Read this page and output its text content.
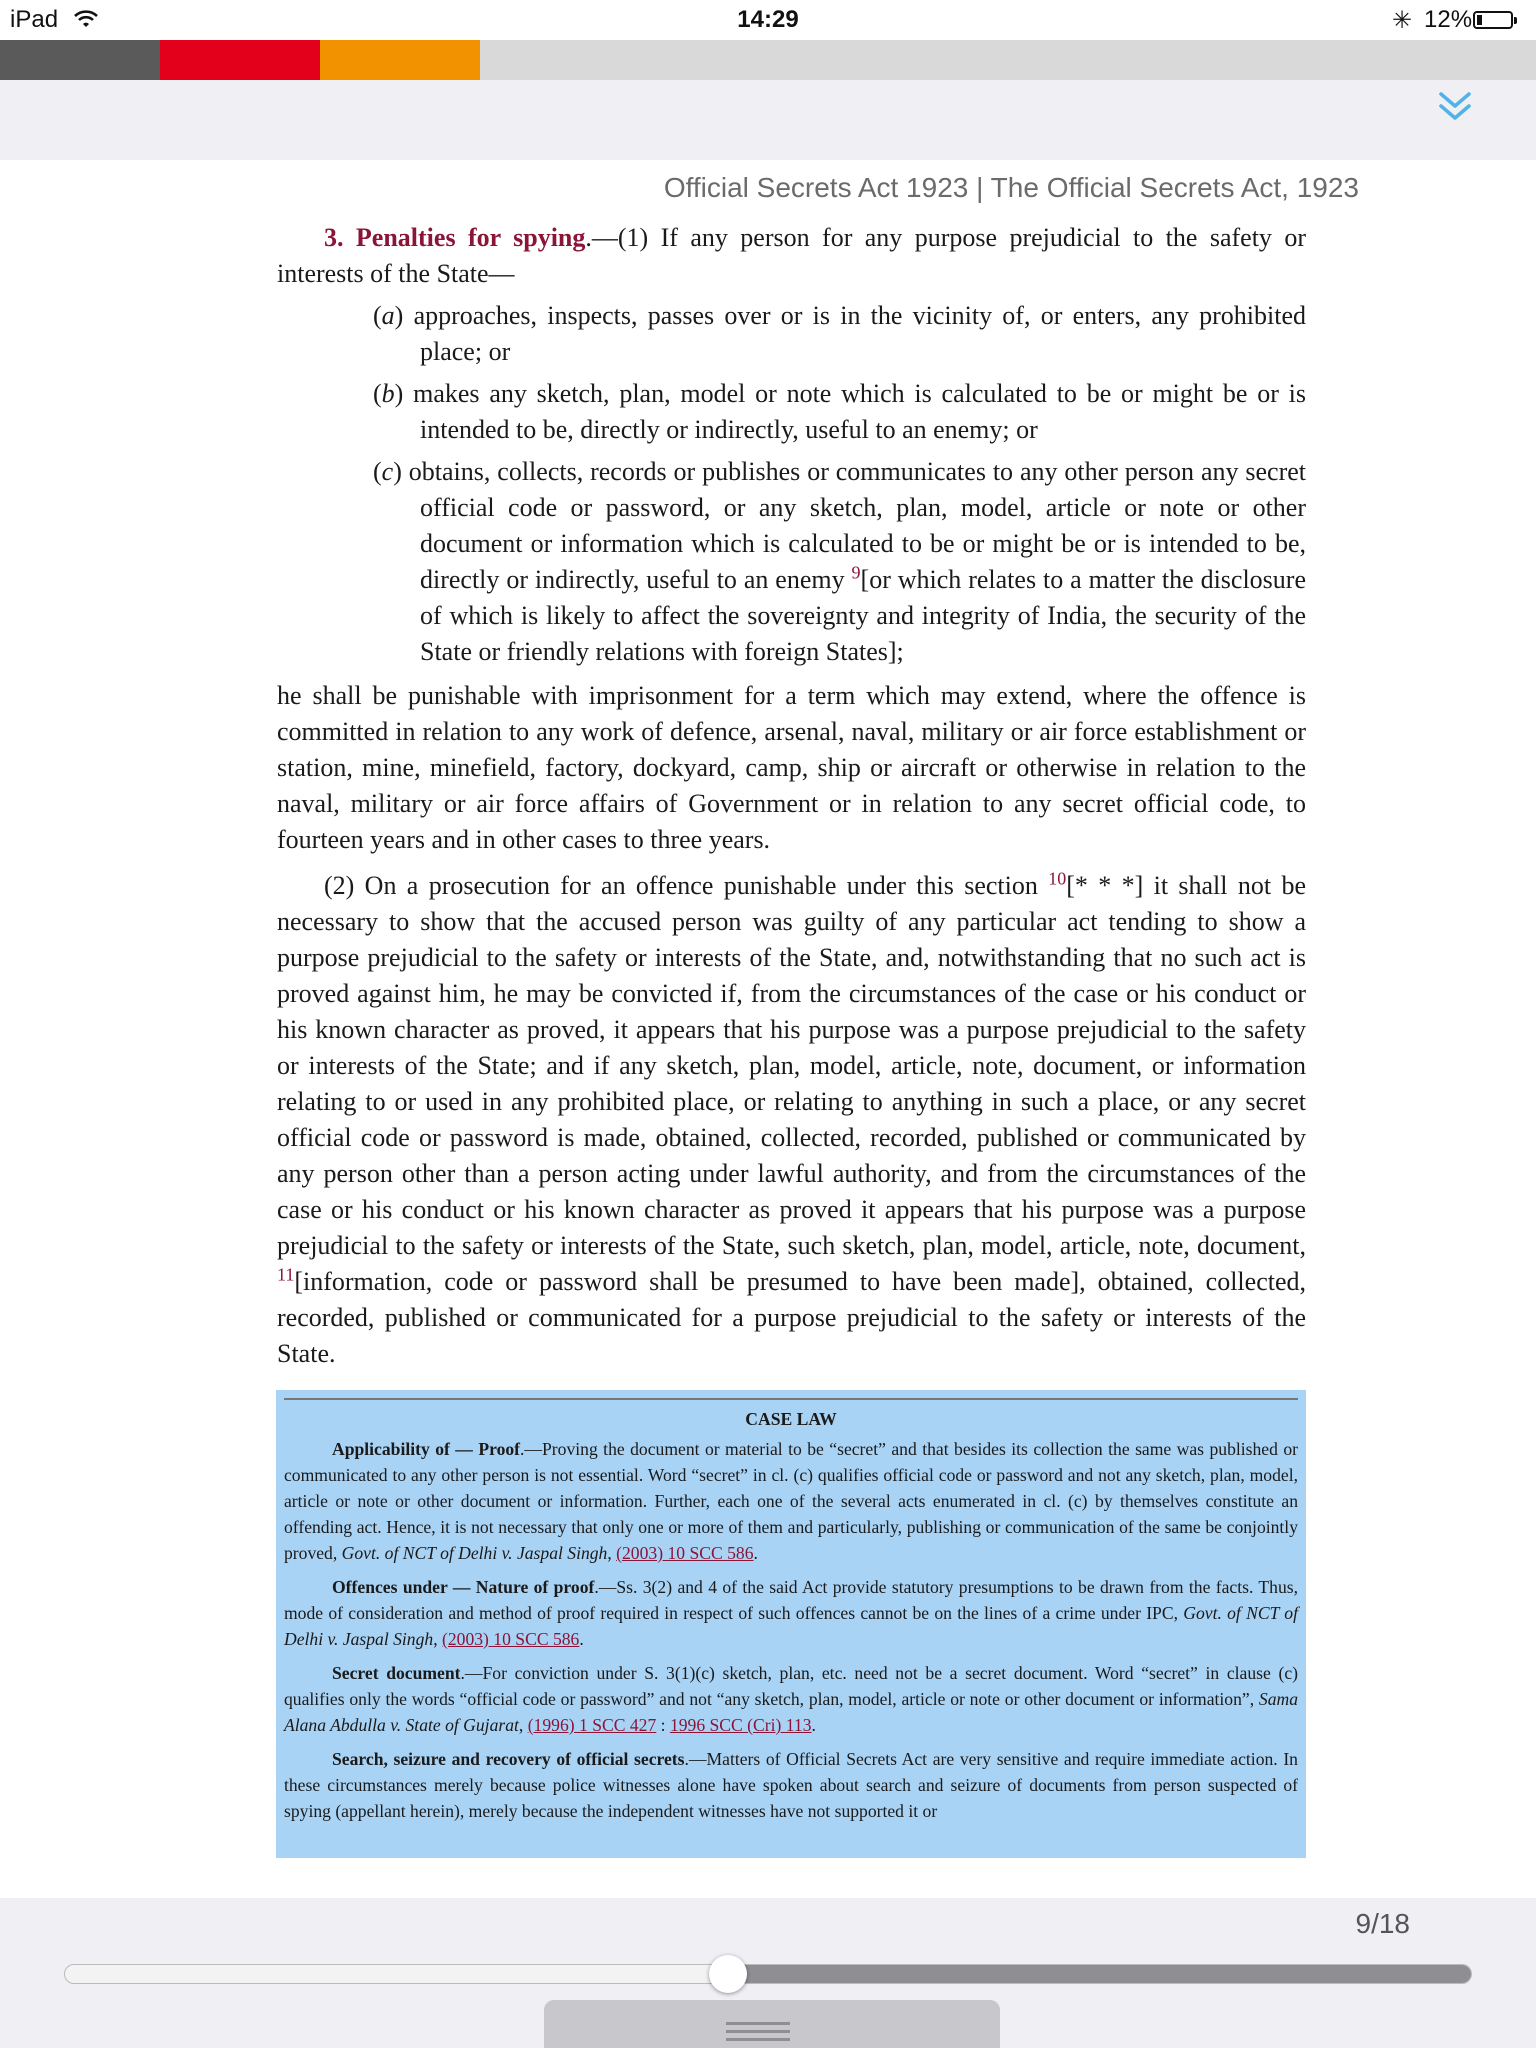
iPad	14:29	✳ 12%
Official Secrets Act 1923 | The Official Secrets Act, 1923

3. Penalties for spying.—(1) If any person for any purpose prejudicial to the safety or interests of the State—

(a) approaches, inspects, passes over or is in the vicinity of, or enters, any prohibited place; or

(b) makes any sketch, plan, model or note which is calculated to be or might be or is intended to be, directly or indirectly, useful to an enemy; or

(c) obtains, collects, records or publishes or communicates to any other person any secret official code or password, or any sketch, plan, model, article or note or other document or information which is calculated to be or might be or is intended to be, directly or indirectly, useful to an enemy $^9$[or which relates to a matter the disclosure of which is likely to affect the sovereignty and integrity of India, the security of the State or friendly relations with foreign States];

he shall be punishable with imprisonment for a term which may extend, where the offence is committed in relation to any work of defence, arsenal, naval, military or air force establishment or station, mine, minefield, factory, dockyard, camp, ship or aircraft or otherwise in relation to the naval, military or air force affairs of Government or in relation to any secret official code, to fourteen years and in other cases to three years.

(2) On a prosecution for an offence punishable under this section $^{10}$[* * *] it shall not be necessary to show that the accused person was guilty of any particular act tending to show a purpose prejudicial to the safety or interests of the State, and, notwithstanding that no such act is proved against him, he may be convicted if, from the circumstances of the case or his conduct or his known character as proved, it appears that his purpose was a purpose prejudicial to the safety or interests of the State; and if any sketch, plan, model, article, note, document, or information relating to or used in any prohibited place, or relating to anything in such a place, or any secret official code or password is made, obtained, collected, recorded, published or communicated by any person other than a person acting under lawful authority, and from the circumstances of the case or his conduct or his known character as proved it appears that his purpose was a purpose prejudicial to the safety or interests of the State, such sketch, plan, model, article, note, document, $^{11}$[information, code or password shall be presumed to have been made], obtained, collected, recorded, published or communicated for a purpose prejudicial to the safety or interests of the State.

CASE LAW

Applicability of — Proof.—Proving the document or material to be “secret” and that besides its collection the same was published or communicated to any other person is not essential. Word “secret” in cl. (c) qualifies official code or password and not any sketch, plan, model, article or note or other document or information. Further, each one of the several acts enumerated in cl. (c) by themselves constitute an offending act. Hence, it is not necessary that only one or more of them and particularly, publishing or communication of the same be conjointly proved, Govt. of NCT of Delhi v. Jaspal Singh, (2003) 10 SCC 586.

Offences under — Nature of proof.—Ss. 3(2) and 4 of the said Act provide statutory presumptions to be drawn from the facts. Thus, mode of consideration and method of proof required in respect of such offences cannot be on the lines of a crime under IPC, Govt. of NCT of Delhi v. Jaspal Singh, (2003) 10 SCC 586.

Secret document.—For conviction under S. 3(1)(c) sketch, plan, etc. need not be a secret document. Word “secret” in clause (c) qualifies only the words “official code or password” and not “any sketch, plan, model, article or note or other document or information”, Sama Alana Abdulla v. State of Gujarat, (1996) 1 SCC 427 : 1996 SCC (Cri) 113.

Search, seizure and recovery of official secrets.—Matters of Official Secrets Act are very sensitive and require immediate action. In these circumstances merely because police witnesses alone have spoken about search and seizure of documents from person suspected of spying (appellant herein), merely because the independent witnesses have not supported it or

9/18
